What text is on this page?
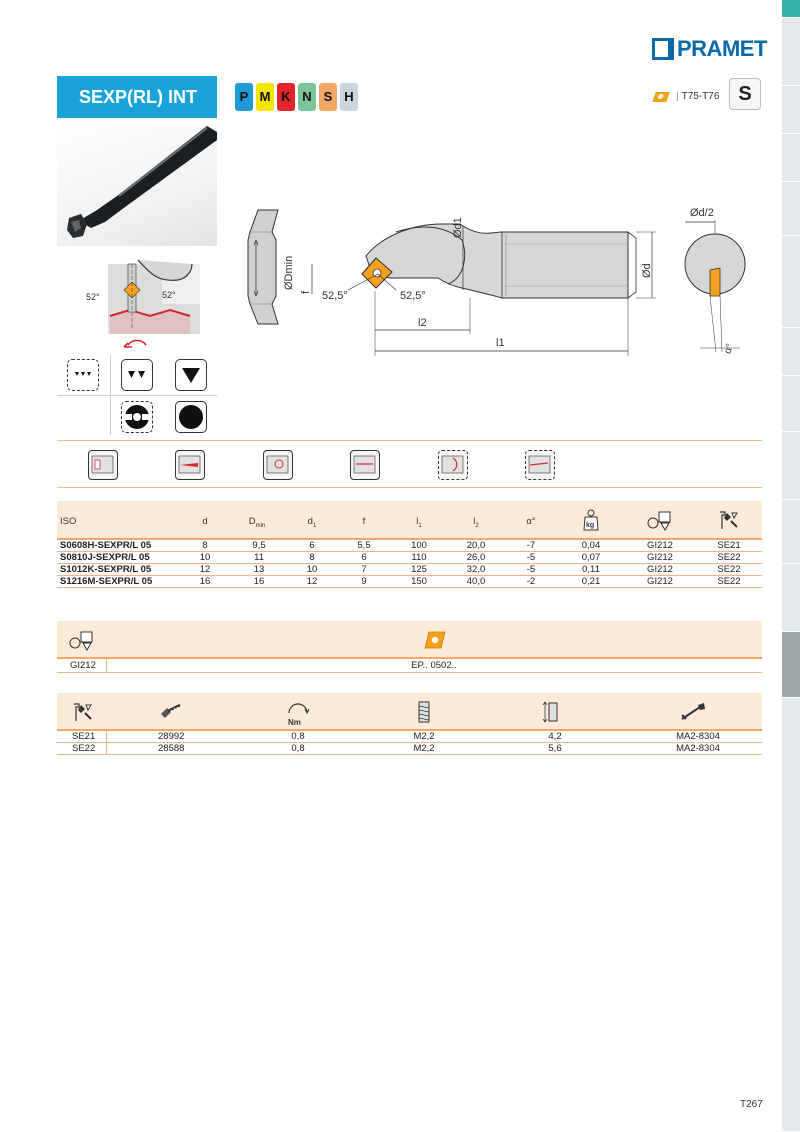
PRAMET
SEXP(RL) INT	P M K N S H	| T75-T76 S
52°	52°
ØDmin
f 52,5°	52,5°
Ød1
Ød
l2
l1
Ød/2
α°
ISO	d	$D_{min}$	$d_1$	f	$l_1$	$l_2$	α°	kg
S0608H-SEXPR/L 05	8	9,5	6	5,5	100	20,0	-7	0,04	GI212	SE21
S0810J-SEXPR/L 05	10	11	8	6	110	26,0	-5	0,07	GI212	SE22
S1012K-SEXPR/L 05	12	13	10	7	125	32,0	-5	0,11	GI212	SE22
S1216M-SEXPR/L 05	16	16	12	9	150	40,0	-2	0,21	GI212	SE22
GI212	EP.. 0502..
Nm
SE21	28992	0,8	M2,2	4,2	MA2-8304
SE22	28588	0,8	M2,2	5,6	MA2-8304
T267
